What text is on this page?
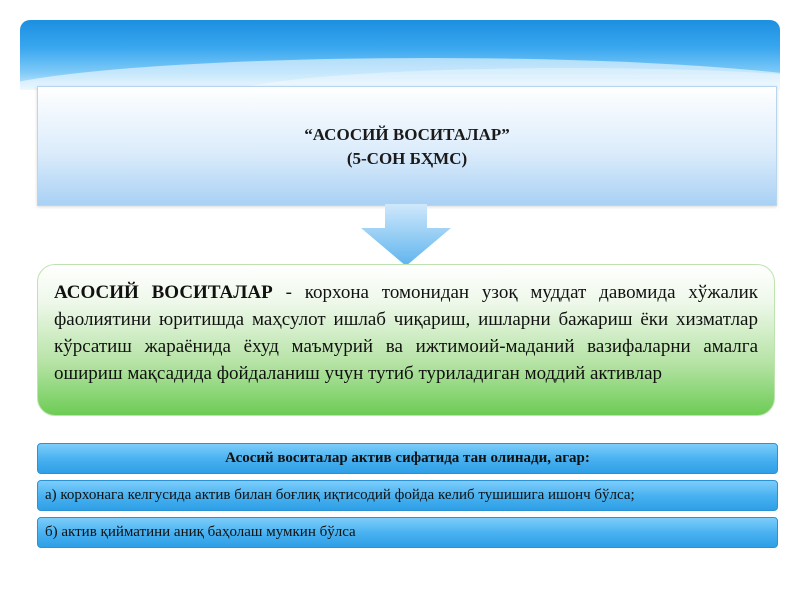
“АСОСИЙ ВОСИТАЛАР”
(5-СОН БҲМС)
АСОСИЙ ВОСИТАЛАР - корхона томонидан узоқ муддат давомида хўжалик фаолиятини юритишда маҳсулот ишлаб чиқариш, ишларни бажариш ёки хизматлар кўрсатиш жараёнида ёхуд маъмурий ва ижтимоий-маданий вазифаларни амалга ошириш мақсадида фойдаланиш учун тутиб туриладиган моддий активлар
Асосий воситалар актив сифатида тан олинади, агар:
а) корхонага келгусида актив билан боғлиқ иқтисодий фойда келиб тушишига ишонч бўлса;
б) актив қийматини аниқ баҳолаш мумкин бўлса
